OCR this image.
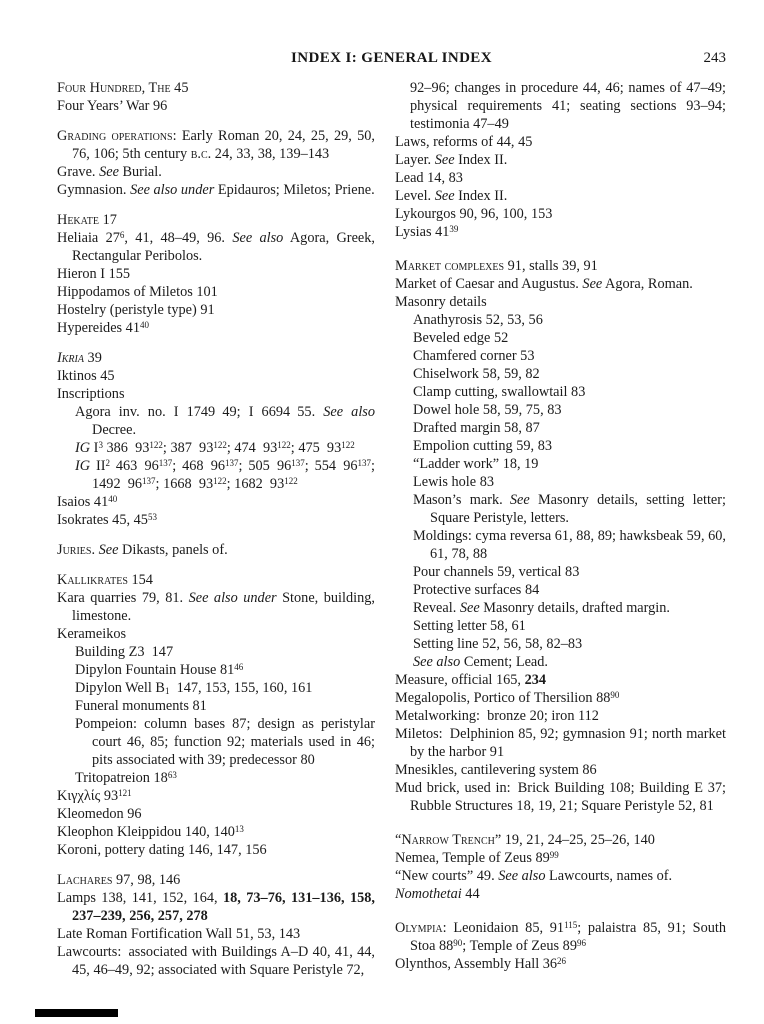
INDEX I: GENERAL INDEX	243

Four Hundred, The 45

Four Years’ War 96

Grading operations: Early Roman 20, 24, 25, 29, 50, 76, 106; 5th century b.c. 24, 33, 38, 139–143

Grave. See Burial.

Gymnasion. See also under Epidauros; Miletos; Priene.

Hekate 17

Heliaia $27^6$, 41, 48–49, 96. See also Agora, Greek, Rectangular Peribolos.

Hieron I 155

Hippodamos of Miletos 101

Hostelry (peristyle type) 91

Hypereides $41^{40}$

Ikria 39

Iktinos 45

Inscriptions

Agora inv. no. I 1749 49; I 6694 55. See also Decree.

IG $I^3$ 386 $93^{122}$; 387 $93^{122}$; 474 $93^{122}$; 475 $93^{122}$

IG $II^2$ 463 $96^{137}$; 468 $96^{137}$; 505 $96^{137}$; 554 $96^{137}$; 1492 $96^{137}$; 1668 $93^{122}$; 1682 $93^{122}$

Isaios $41^{40}$

Isokrates 45, $45^{53}$

Juries. See Dikasts, panels of.

Kallikrates 154

Kara quarries 79, 81. See also under Stone, building, limestone.

Kerameikos

Building Z3 147

Dipylon Fountain House $81^{46}$

Dipylon Well $B_1$ 147, 153, 155, 160, 161

Funeral monuments 81

Pompeion: column bases 87; design as peristylar court 46, 85; function 92; materials used in 46; pits associated with 39; predecessor 80

Tritopatreion $18^{63}$

Κιγχλίς $93^{121}$

Kleomedon 96

Kleophon Kleippidou 140, $140^{13}$

Koroni, pottery dating 146, 147, 156

Lachares 97, 98, 146

Lamps 138, 141, 152, 164, 18, 73–76, 131–136, 158, 237–239, 256, 257, 278

Late Roman Fortification Wall 51, 53, 143

Lawcourts: associated with Buildings A–D 40, 41, 44, 45, 46–49, 92; associated with Square Peristyle 72,

92–96; changes in procedure 44, 46; names of 47–49; physical requirements 41; seating sections 93–94; testimonia 47–49

Laws, reforms of 44, 45

Layer. See Index II.

Lead 14, 83

Level. See Index II.

Lykourgos 90, 96, 100, 153

Lysias $41^{39}$

Market complexes 91, stalls 39, 91

Market of Caesar and Augustus. See Agora, Roman.

Masonry details

Anathyrosis 52, 53, 56

Beveled edge 52

Chamfered corner 53

Chiselwork 58, 59, 82

Clamp cutting, swallowtail 83

Dowel hole 58, 59, 75, 83

Drafted margin 58, 87

Empolion cutting 59, 83

“Ladder work” 18, 19

Lewis hole 83

Mason’s mark. See Masonry details, setting letter; Square Peristyle, letters.

Moldings: cyma reversa 61, 88, 89; hawksbeak 59, 60, 61, 78, 88

Pour channels 59, vertical 83

Protective surfaces 84

Reveal. See Masonry details, drafted margin.

Setting letter 58, 61

Setting line 52, 56, 58, 82–83

See also Cement; Lead.

Measure, official 165, 234

Megalopolis, Portico of Thersilion $88^{90}$

Metalworking: bronze 20; iron 112

Miletos: Delphinion 85, 92; gymnasion 91; north market by the harbor 91

Mnesikles, cantilevering system 86

Mud brick, used in: Brick Building 108; Building E 37; Rubble Structures 18, 19, 21; Square Peristyle 52, 81

“Narrow Trench” 19, 21, 24–25, 25–26, 140

Nemea, Temple of Zeus $89^{99}$

“New courts” 49. See also Lawcourts, names of.

Nomothetai 44

Olympia: Leonidaion 85, $91^{115}$; palaistra 85, 91; South Stoa $88^{90}$; Temple of Zeus $89^{96}$

Olynthos, Assembly Hall $36^{26}$
